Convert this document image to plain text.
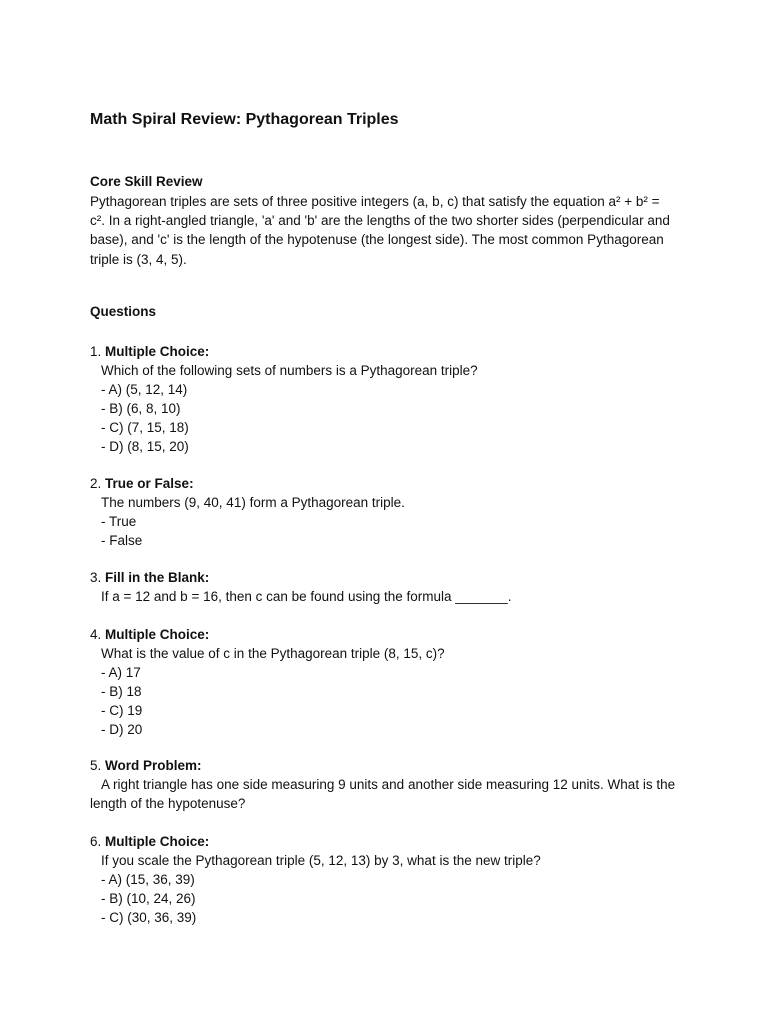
Math Spiral Review: Pythagorean Triples
Core Skill Review

Pythagorean triples are sets of three positive integers (a, b, c) that satisfy the equation a² + b² = c². In a right-angled triangle, 'a' and 'b' are the lengths of the two shorter sides (perpendicular and base), and 'c' is the length of the hypotenuse (the longest side). The most common Pythagorean triple is (3, 4, 5).

Questions
1. Multiple Choice:
Which of the following sets of numbers is a Pythagorean triple?
- A) (5, 12, 14)
- B) (6, 8, 10)
- C) (7, 15, 18)
- D) (8, 15, 20)
2. True or False:
The numbers (9, 40, 41) form a Pythagorean triple.
- True
- False
3. Fill in the Blank:
If a = 12 and b = 16, then c can be found using the formula _______.
4. Multiple Choice:
What is the value of c in the Pythagorean triple (8, 15, c)?
- A) 17
- B) 18
- C) 19
- D) 20
5. Word Problem:
A right triangle has one side measuring 9 units and another side measuring 12 units. What is the length of the hypotenuse?
6. Multiple Choice:
If you scale the Pythagorean triple (5, 12, 13) by 3, what is the new triple?
- A) (15, 36, 39)
- B) (10, 24, 26)
- C) (30, 36, 39)
